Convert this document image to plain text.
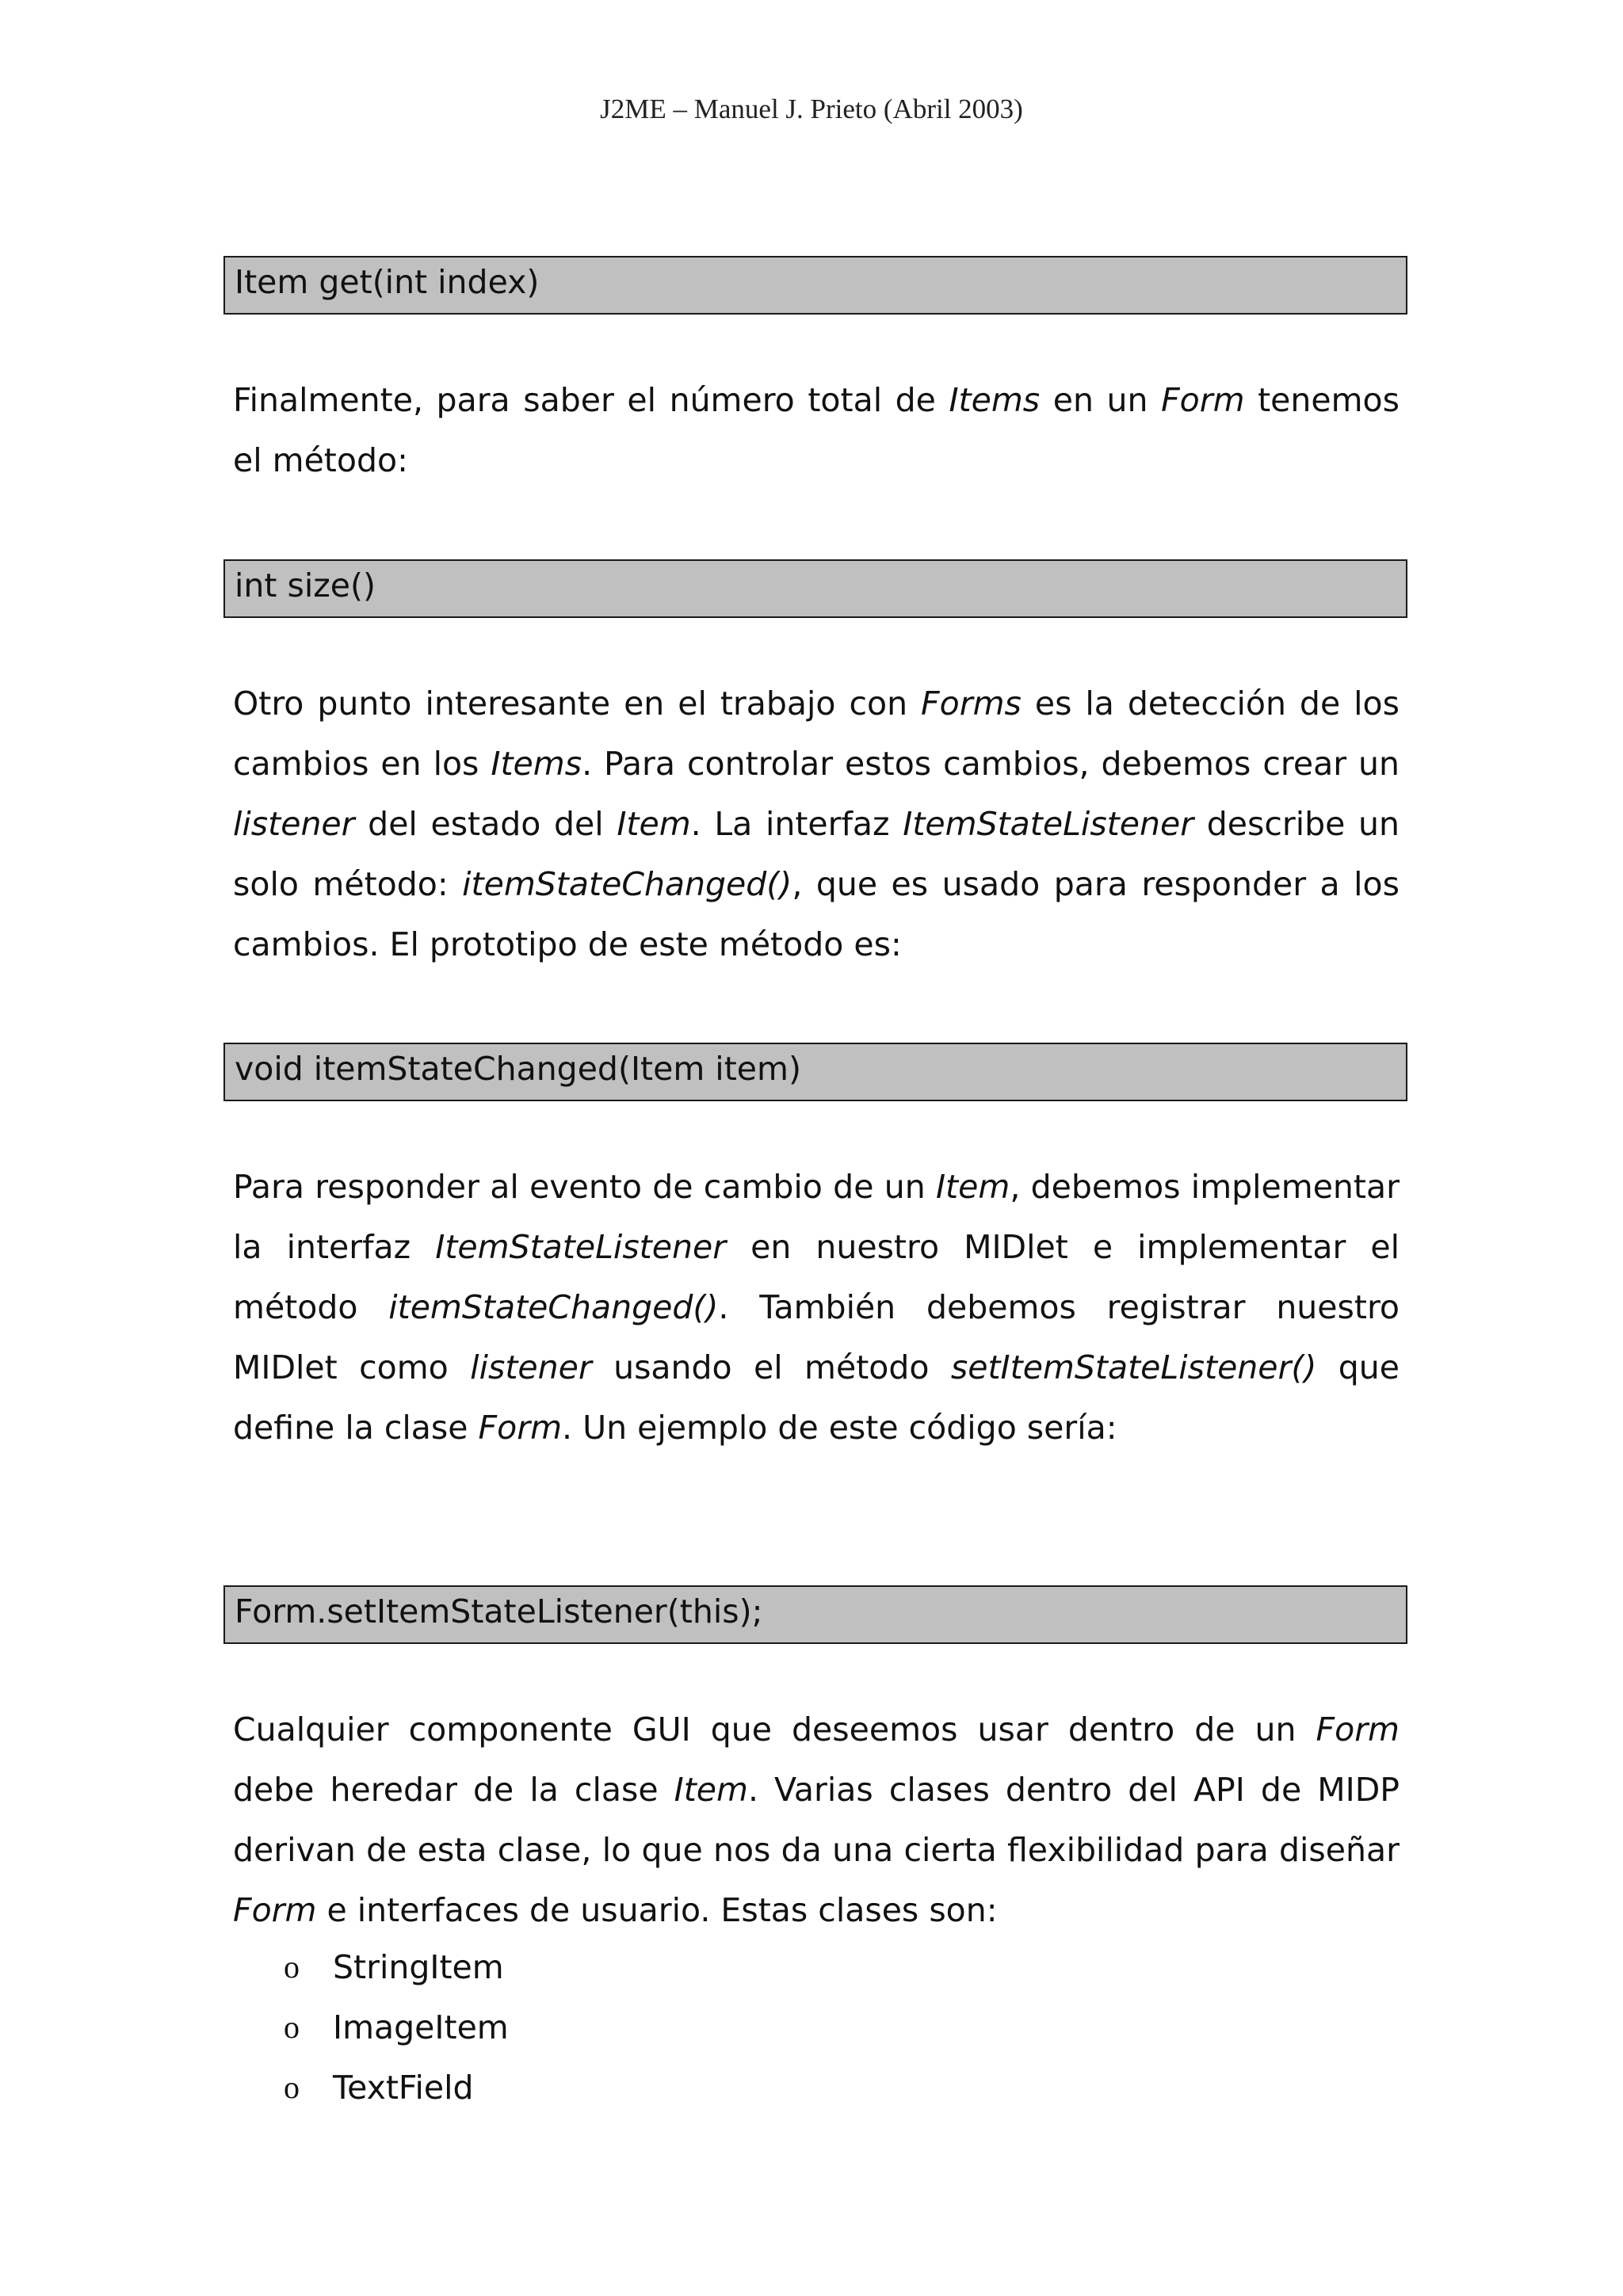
J2ME – Manuel J. Prieto (Abril 2003)
Item get(int index)

Finalmente, para saber el número total de Items en un Form tenemos el método:

int size()

Otro punto interesante en el trabajo con Forms es la detección de los cambios en los Items. Para controlar estos cambios, debemos crear un listener del estado del Item. La interfaz ItemStateListener describe un solo método: itemStateChanged(), que es usado para responder a los cambios. El prototipo de este método es:

void itemStateChanged(Item item)

Para responder al evento de cambio de un Item, debemos implementar la interfaz ItemStateListener en nuestro MIDlet e implementar el método itemStateChanged(). También debemos registrar nuestro MIDlet como listener usando el método setItemStateListener() que define la clase Form. Un ejemplo de este código sería:

Form.setItemStateListener(this);

Cualquier componente GUI que deseemos usar dentro de un Form debe heredar de la clase Item. Varias clases dentro del API de MIDP derivan de esta clase, lo que nos da una cierta flexibilidad para diseñar Form e interfaces de usuario. Estas clases son:

o StringItem
o ImageItem
o TextField
